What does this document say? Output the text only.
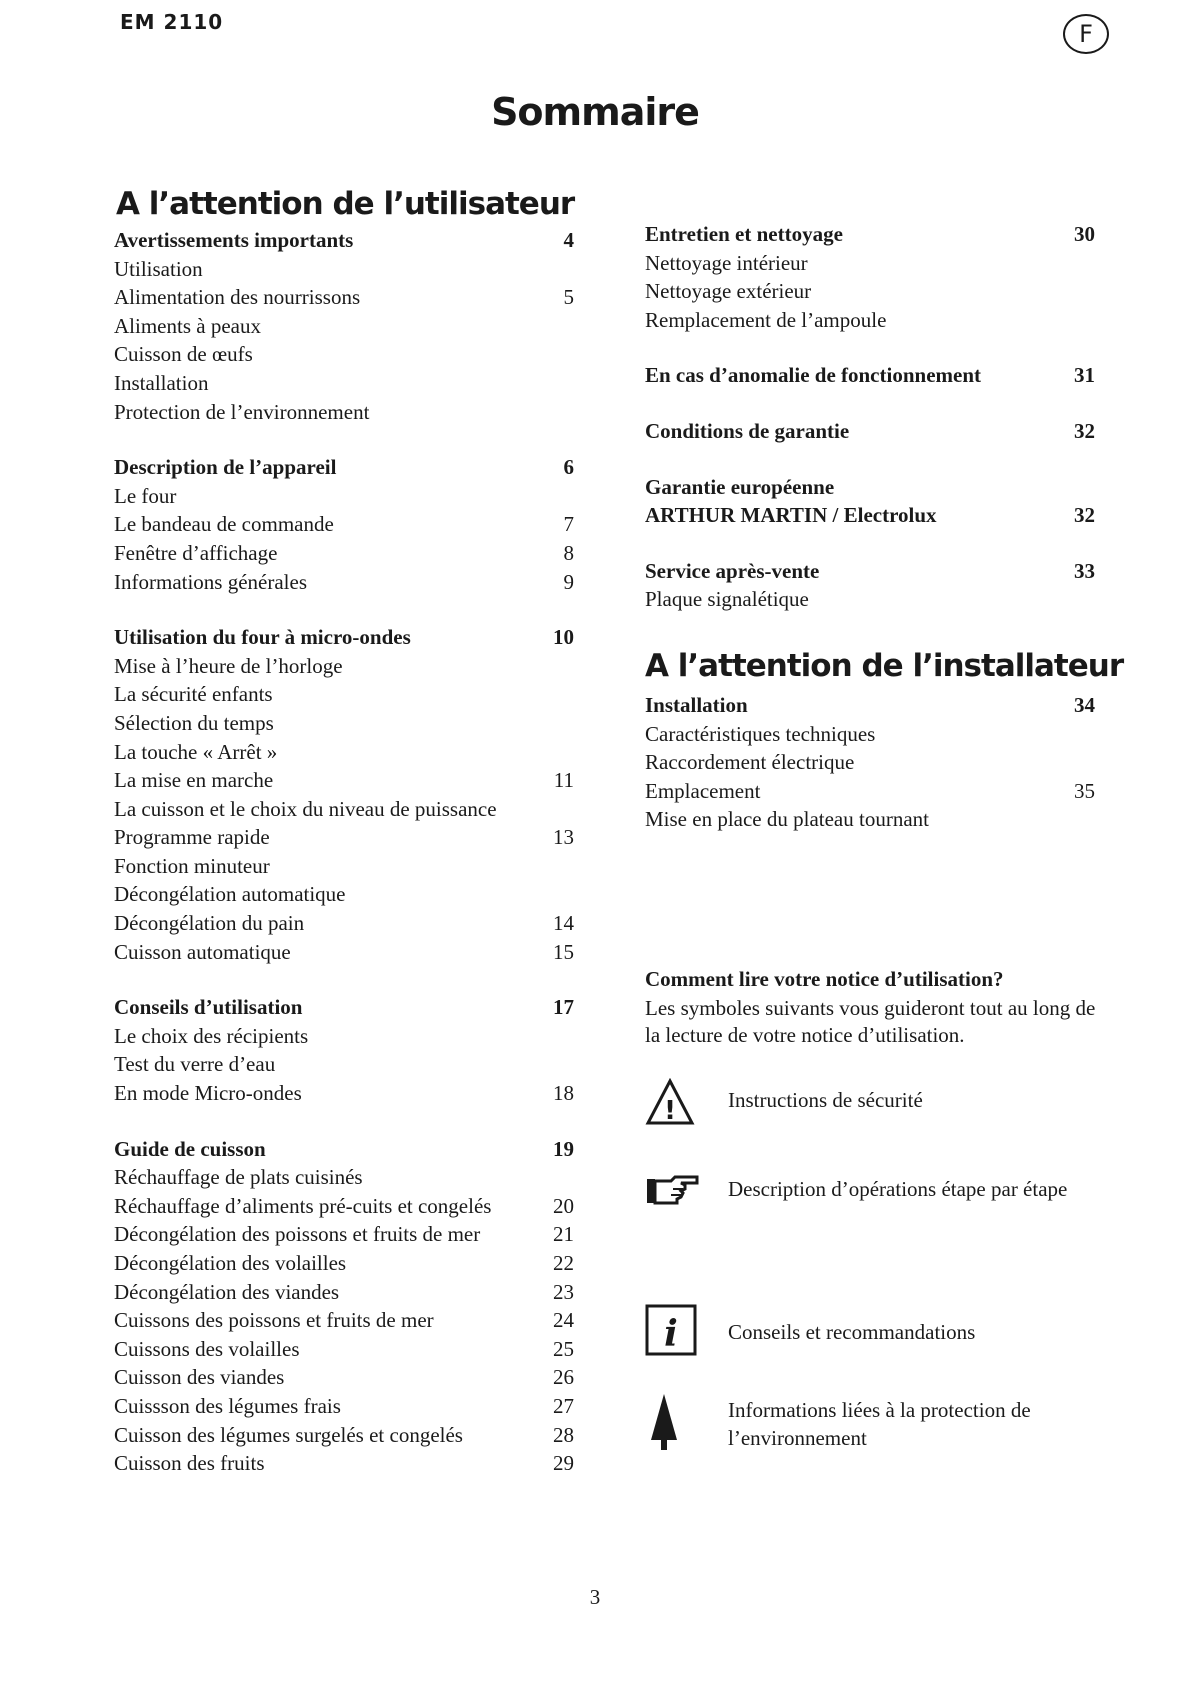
EM 2110	F
Sommaire
A l’attention de l’utilisateur
Avertissements importants	4
Utilisation
Alimentation des nourrissons	5
Aliments à peaux
Cuisson de œufs
Installation
Protection de l’environnement
Description de l’appareil	6
Le four
Le bandeau de commande	7
Fenêtre d’affichage	8
Informations générales	9
Utilisation du four à micro-ondes	10
Mise à l’heure de l’horloge
La sécurité enfants
Sélection du temps
La touche « Arrêt »
La mise en marche	11
La cuisson et le choix du niveau de puissance
Programme rapide	13
Fonction minuteur
Décongélation automatique
Décongélation du pain	14
Cuisson automatique	15
Conseils d’utilisation	17
Le choix des récipients
Test du verre d’eau
En mode Micro-ondes	18
Guide de cuisson	19
Réchauffage de plats cuisinés
Réchauffage d’aliments pré-cuits et congelés	20
Décongélation des poissons et fruits de mer	21
Décongélation des volailles	22
Décongélation des viandes	23
Cuissons des poissons et fruits de mer	24
Cuissons des volailles	25
Cuisson des viandes	26
Cuissson des légumes frais	27
Cuisson des légumes surgelés et congelés	28
Cuisson des fruits	29
Entretien et nettoyage	30
Nettoyage intérieur
Nettoyage extérieur
Remplacement de l’ampoule
En cas d’anomalie de fonctionnement	31
Conditions de garantie	32
Garantie européenne
ARTHUR MARTIN / Electrolux	32
Service après-vente	33
Plaque signalétique
A l’attention de l’installateur
Installation	34
Caractéristiques techniques
Raccordement électrique
Emplacement	35
Mise en place du plateau tournant
Comment lire votre notice d’utilisation?
Les symboles suivants vous guideront tout au long de la lecture de votre notice d’utilisation.
! Instructions de sécurité
Description d’opérations étape par étape
i Conseils et recommandations
Informations liées à la protection de l’environnement
3
